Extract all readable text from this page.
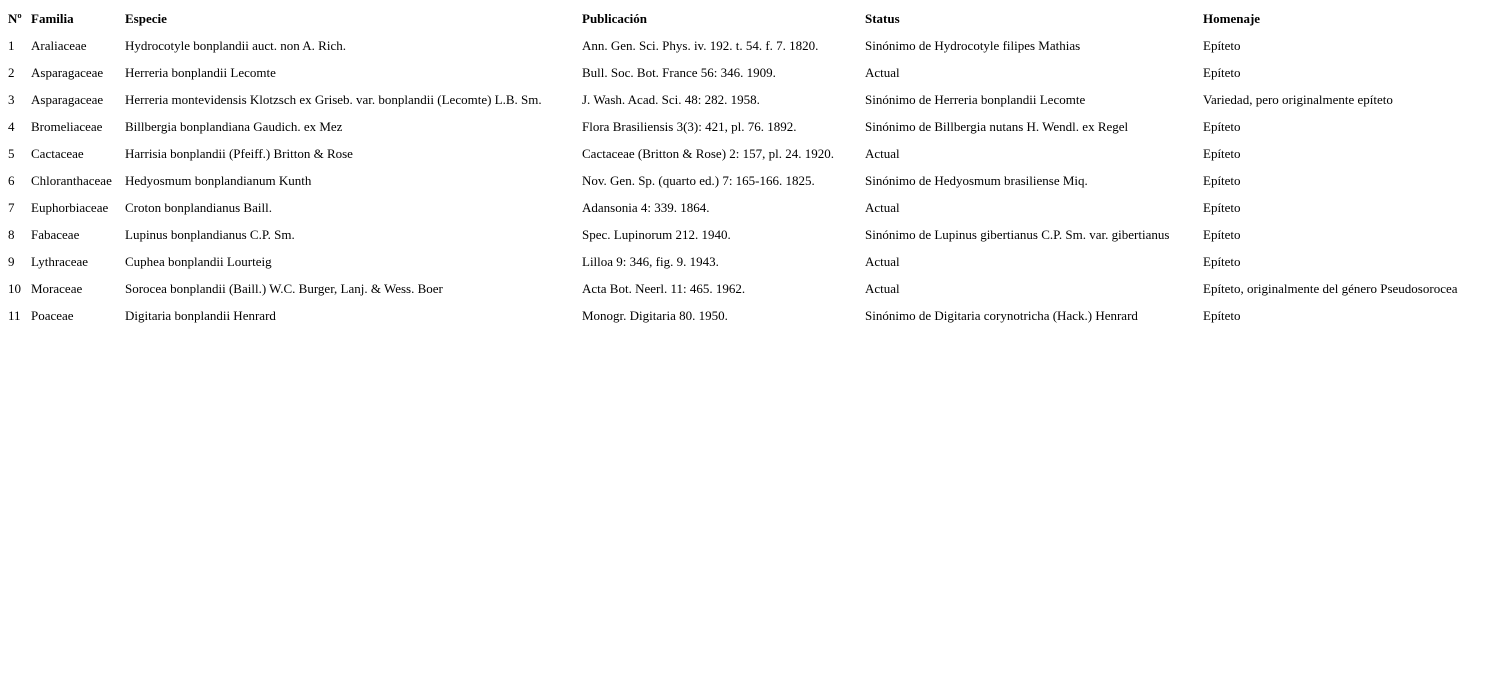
Nº	Familia	Especie	Publicación	Status	Homenaje
1	Araliaceae	Hydrocotyle bonplandii auct. non A. Rich.	Ann. Gen. Sci. Phys. iv. 192. t. 54. f. 7. 1820.	Sinónimo de Hydrocotyle filipes Mathias	Epíteto
2	Asparagaceae	Herreria bonplandii Lecomte	Bull. Soc. Bot. France 56: 346. 1909.	Actual	Epíteto
3	Asparagaceae	Herreria montevidensis Klotzsch ex Griseb. var. bonplandii (Lecomte) L.B. Sm.	J. Wash. Acad. Sci. 48: 282. 1958.	Sinónimo de Herreria bonplandii Lecomte	Variedad, pero originalmente epíteto
4	Bromeliaceae	Billbergia bonplandiana Gaudich. ex Mez	Flora Brasiliensis 3(3): 421, pl. 76. 1892.	Sinónimo de Billbergia nutans H. Wendl. ex Regel	Epíteto
5	Cactaceae	Harrisia bonplandii (Pfeiff.) Britton & Rose	Cactaceae (Britton & Rose) 2: 157, pl. 24. 1920.	Actual	Epíteto
6	Chloranthaceae	Hedyosmum bonplandianum Kunth	Nov. Gen. Sp. (quarto ed.) 7: 165-166. 1825.	Sinónimo de Hedyosmum brasiliense Miq.	Epíteto
7	Euphorbiaceae	Croton bonplandianus Baill.	Adansonia 4: 339. 1864.	Actual	Epíteto
8	Fabaceae	Lupinus bonplandianus C.P. Sm.	Spec. Lupinorum 212. 1940.	Sinónimo de Lupinus gibertianus C.P. Sm. var. gibertianus	Epíteto
9	Lythraceae	Cuphea bonplandii Lourteig	Lilloa 9: 346, fig. 9. 1943.	Actual	Epíteto
10	Moraceae	Sorocea bonplandii (Baill.) W.C. Burger, Lanj. & Wess. Boer	Acta Bot. Neerl. 11: 465. 1962.	Actual	Epíteto, originalmente del género Pseudosorocea
11	Poaceae	Digitaria bonplandii Henrard	Monogr. Digitaria 80. 1950.	Sinónimo de Digitaria corynotricha (Hack.) Henrard	Epíteto
